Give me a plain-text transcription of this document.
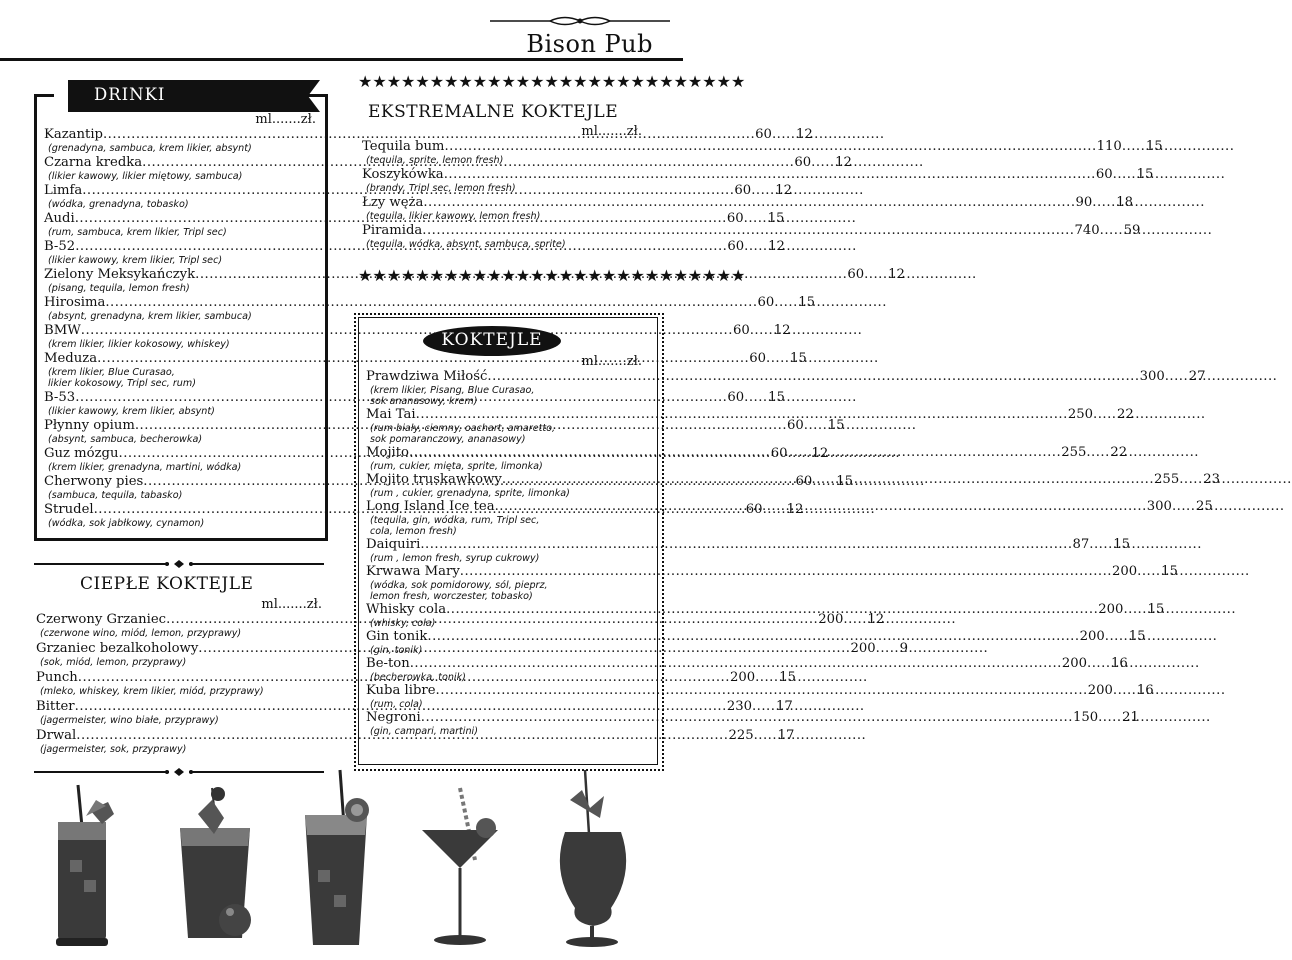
Bison Pub
DRINKI
ml.......zł.
Kazantip .....	60 ..... 12
(grenadyna, sambuca, krem likier, absynt)
Czarna kredka .....	60 ..... 12
(likier kawowy, likier miętowy, sambuca)
Limfa .....	60 ..... 12
(wódka, grenadyna, tobasko)
Audi .....	60 ..... 15
(rum, sambuca, krem likier, Tripl sec)
B-52 .....	60 ..... 12
(likier kawowy, krem likier, Tripl sec)
Zielony Meksykańczyk .....	60 ..... 12
(pisang, tequila, lemon fresh)
Hirosima .....	60 ..... 15
(absynt, grenadyna, krem likier, sambuca)
BMW .....	60 ..... 12
(krem likier, likier kokosowy, whiskey)
Meduza .....	60 ..... 15
(krem likier, Blue Curasao,
likier kokosowy, Tripl sec, rum)
B-53 .....	60 ..... 15
(likier kawowy, krem likier, absynt)
Płynny opium .....	60 ..... 15
(absynt, sambuca, becherowka)
Guz mózgu .....	60 ..... 12
(krem likier, grenadyna, martini, wódka)
Cherwony pies .....	60 ..... 15
(sambuca, tequila, tabasko)
Strudel .....	60 ..... 12
(wódka, sok jabłkowy, cynamon)
CIEPŁE KOKTEJLE
ml.......zł.
Czerwony Grzaniec .....	200 ..... 12
(czerwone wino, miód, lemon, przyprawy)
Grzaniec bezalkoholowy .....	200 ..... 9
(sok, miód, lemon, przyprawy)
Punch .....	200 ..... 15
(mleko, whiskey, krem likier, miód, przyprawy)
Bitter .....	230 ..... 17
(jagermeister, wino białe, przyprawy)
Drwal .....	225 ..... 17
(jagermeister, sok, przyprawy)
★★★★★★★★★★★★★★★★★★★★★★★★★★★
EKSTREMALNE KOKTEJLE
ml.......zł.
Tequila bum .....	110 ..... 15
(tequila, sprite, lemon fresh)
Koszykówka .....	60 ..... 15
(brandy, Tripl sec, lemon fresh)
Łzy węża .....	90 ..... 18
(tequila, likier kawowy, lemon fresh)
Piramida .....	740 ..... 59
(tequila, wódka, absynt, sambuca, sprite)
★★★★★★★★★★★★★★★★★★★★★★★★★★★
KOKTEJLE
ml.......zł.
Prawdziwa Miłość .....	300 ..... 27
(krem likier, Pisang, Blue Curasao,
sok ananasowy, krem)
Mai Tai .....	250 ..... 22
(rum biały, ciemny, oachart, amaretto,
sok pomaranczowy, ananasowy)
Mojito .....	255 ..... 22
(rum, cukier, mięta, sprite, limonka)
Mojito truskawkowy .....	255 ..... 23
(rum , cukier, grenadyna, sprite, limonka)
Long Island Ice tea .....	300 ..... 25
(tequila, gin, wódka, rum, Tripl sec,
cola, lemon fresh)
Daiquiri .....	87 ..... 15
(rum , lemon fresh, syrup cukrowy)
Krwawa Mary .....	200 ..... 15
(wódka, sok pomidorowy, sól, pieprz,
lemon fresh, worczester, tobasko)
Whisky cola .....	200 ..... 15
(whisky, cola)
Gin tonik .....	200 ..... 15
(gin, tonik)
Be-ton .....	200 ..... 16
(becherowka, tonik)
Kuba libre .....	200 ..... 16
(rum, cola)
Negroni .....	150 ..... 21
(gin, campari, martini)
